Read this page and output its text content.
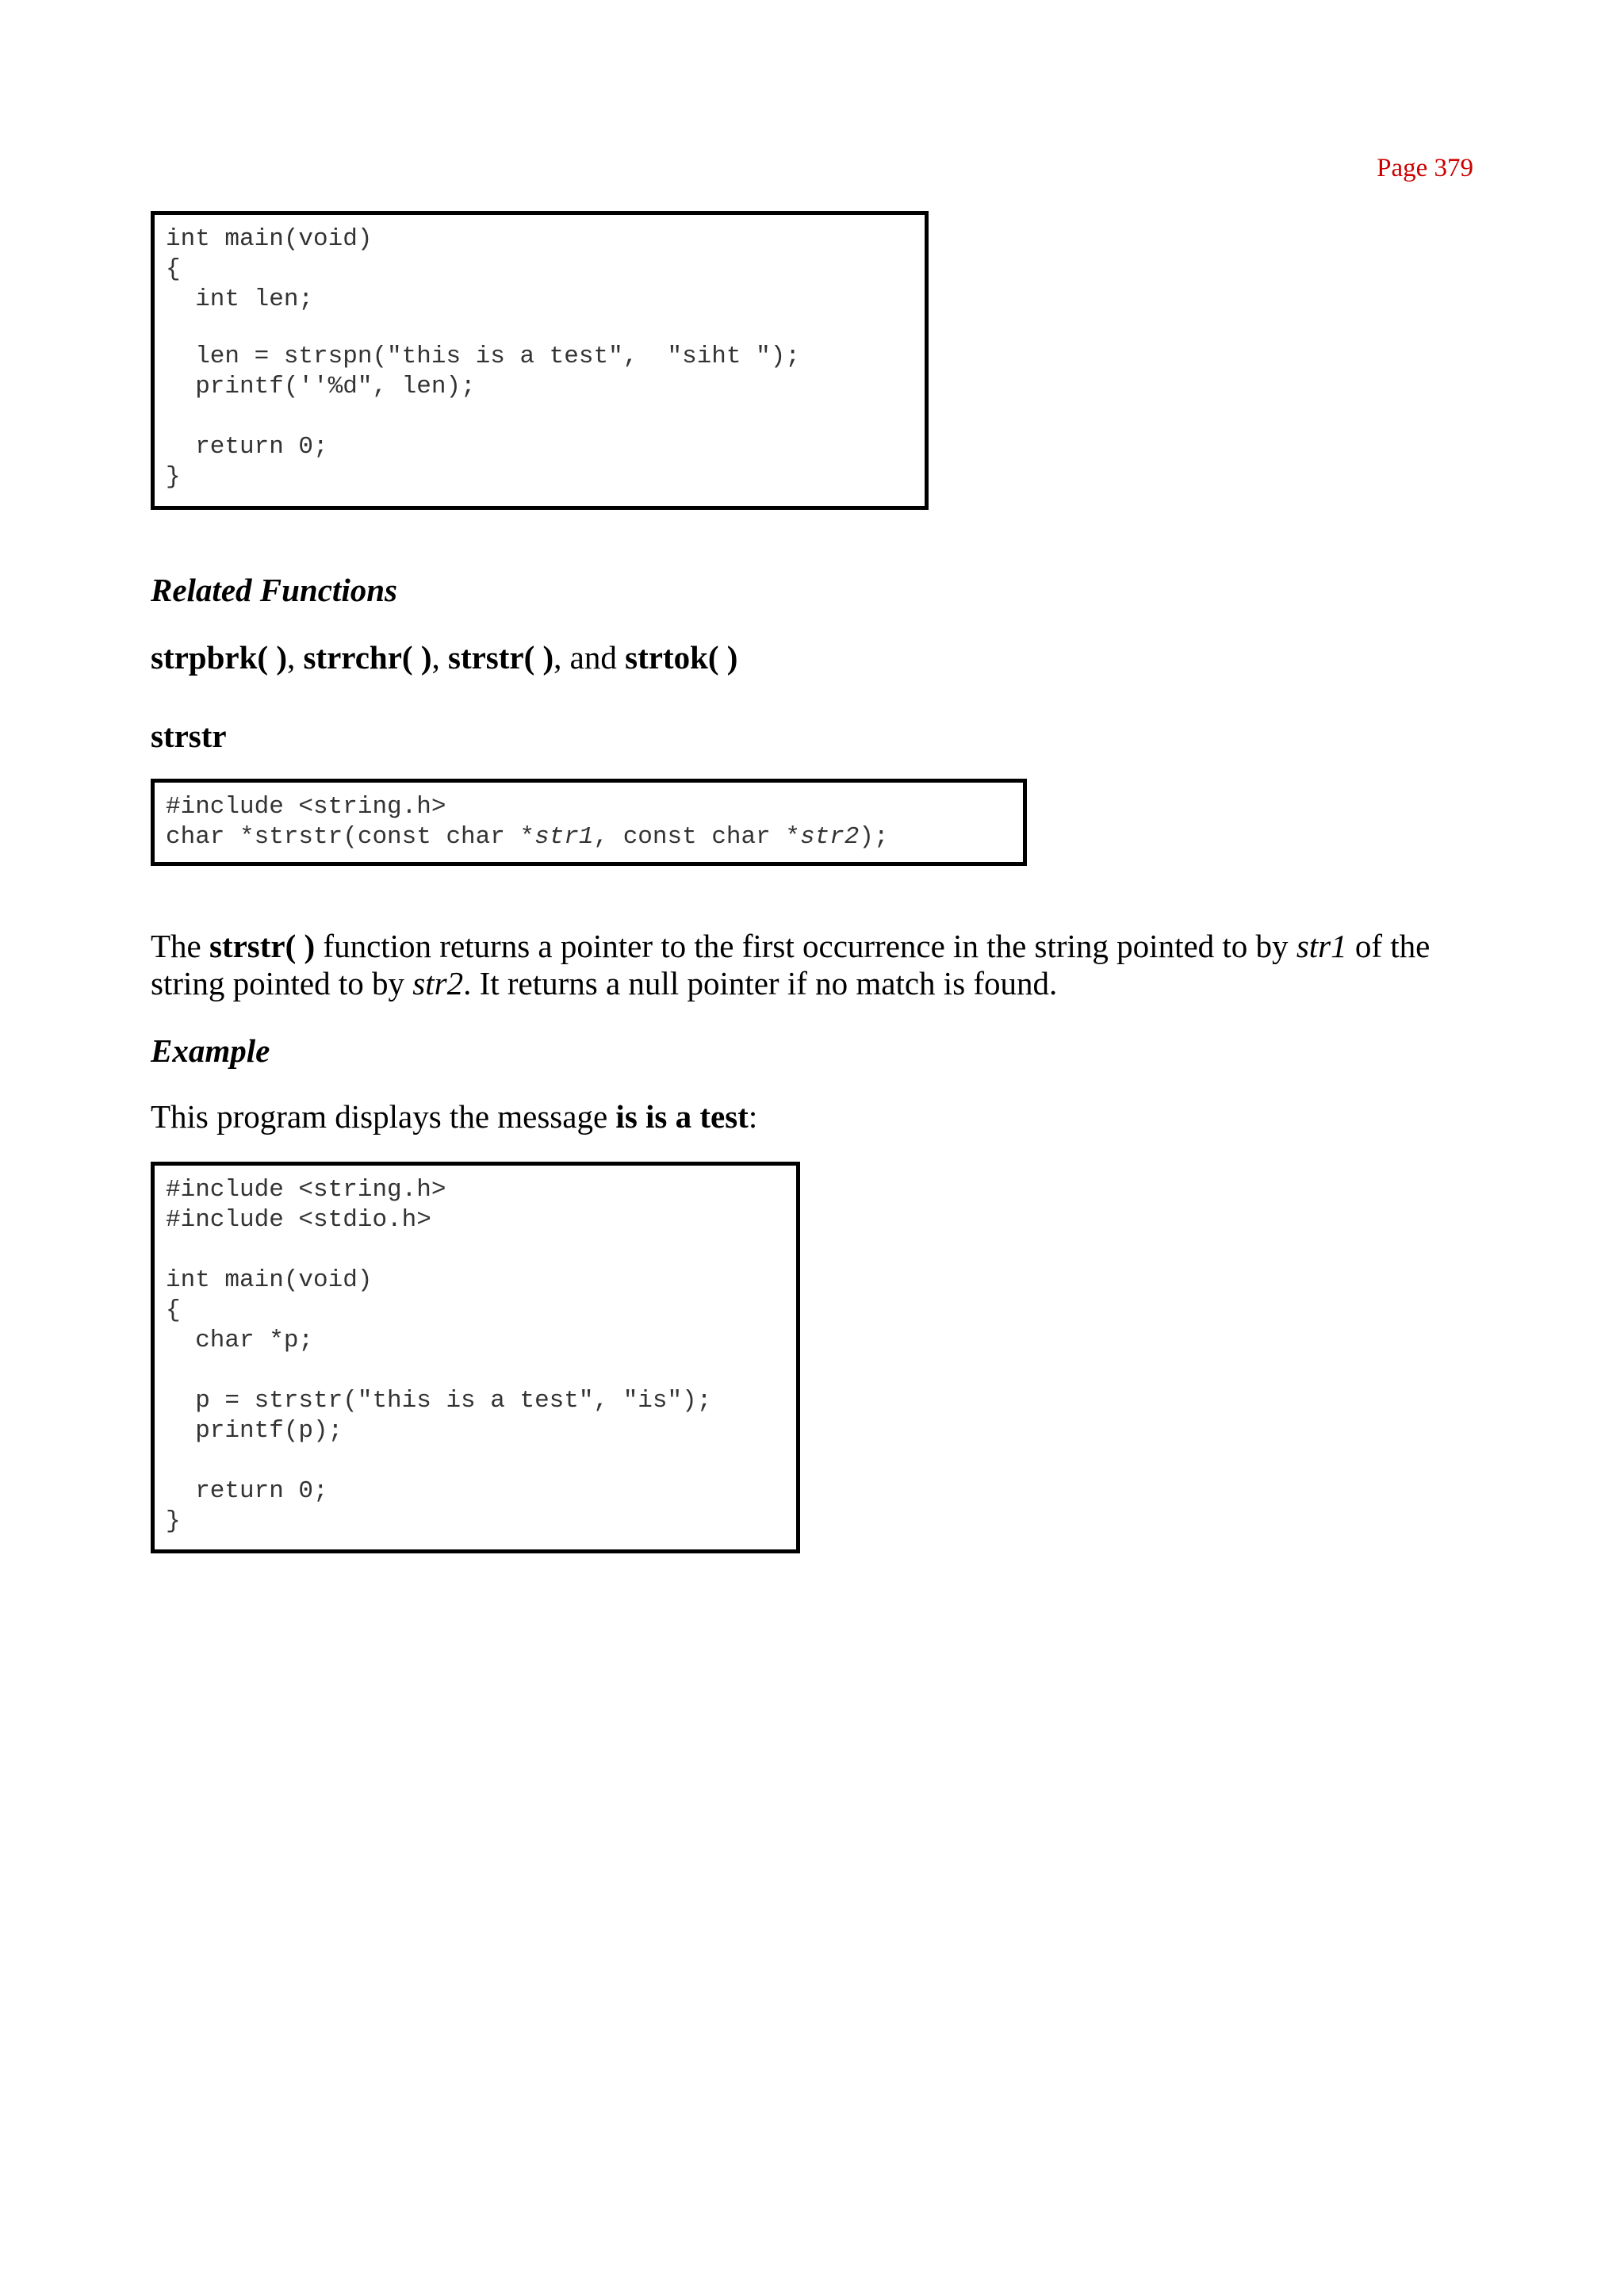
Page 379
int main(void)
{
int len;
len = strspn("this is a test",  "siht ");
printf(''%d", len);
return 0;
}
Related Functions
strpbrk( ), strrchr( ), strstr( ), and strtok( )
strstr
#include <string.h>
char *strstr(const char *str1, const char *str2);
The strstr( ) function returns a pointer to the first occurrence in the string pointed to by str1 of the string pointed to by str2. It returns a null pointer if no match is found.
Example
This program displays the message is is a test:
#include <string.h>
#include <stdio.h>
int main(void)
{
char *p;
p = strstr("this is a test", "is");
printf(p);
return 0;
}
